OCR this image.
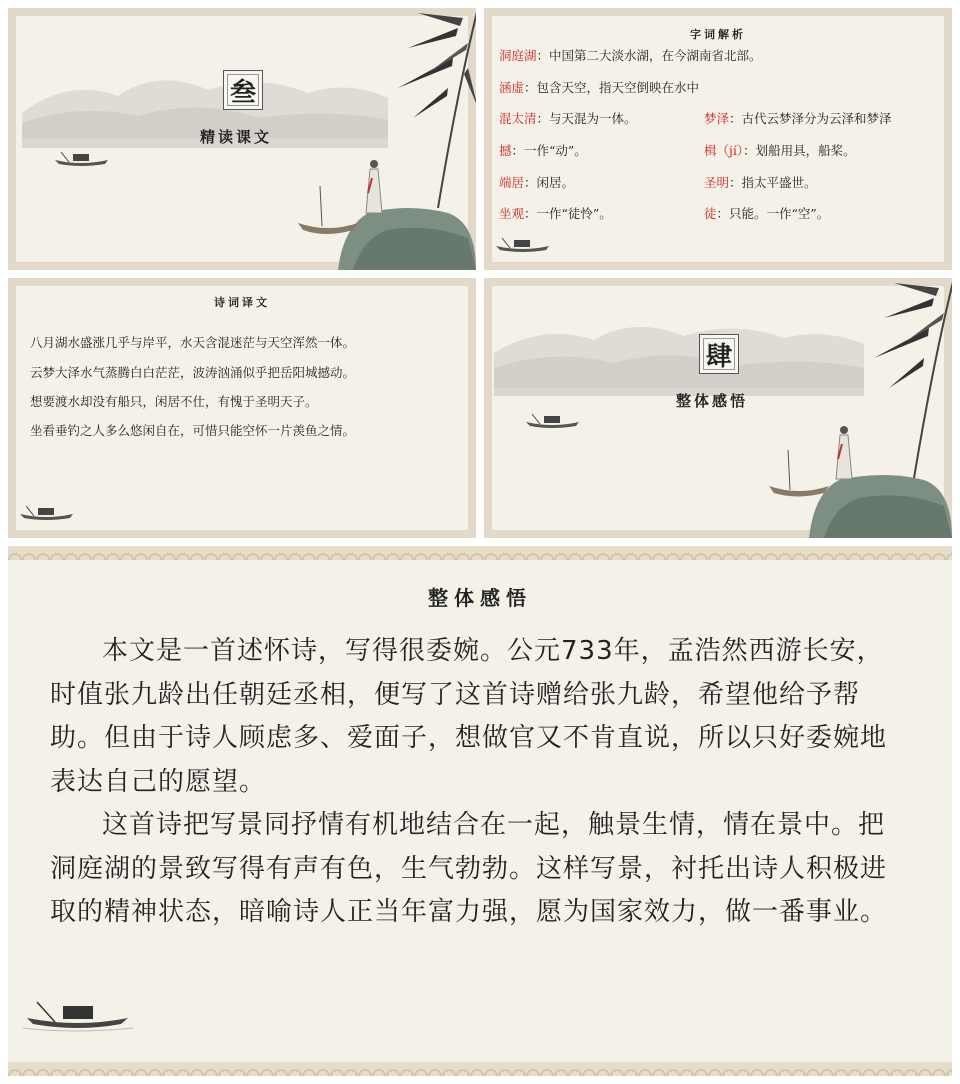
叁
精读课文
字词解析
洞庭湖：中国第二大淡水湖，在今湖南省北部。
涵虚：包含天空，指天空倒映在水中
混太清：与天混为一体。	梦泽：古代云梦泽分为云泽和梦泽
撼：一作“动”。	楫（jí）：划船用具，船桨。
端居：闲居。	圣明：指太平盛世。
坐观：一作“徒怜”。	徒：只能。一作“空”。
诗词译文
八月湖水盛涨几乎与岸平，水天含混迷茫与天空浑然一体。
云梦大泽水气蒸腾白白茫茫，波涛汹涌似乎把岳阳城撼动。
想要渡水却没有船只，闲居不仕，有愧于圣明天子。
坐看垂钓之人多么悠闲自在，可惜只能空怀一片羡鱼之情。
肆
整体感悟
整体感悟

本文是一首述怀诗，写得很委婉。公元733年，孟浩然西游长安，时值张九龄出任朝廷丞相，便写了这首诗赠给张九龄，希望他给予帮助。但由于诗人顾虑多、爱面子，想做官又不肯直说，所以只好委婉地表达自己的愿望。

这首诗把写景同抒情有机地结合在一起，触景生情，情在景中。把洞庭湖的景致写得有声有色，生气勃勃。这样写景，衬托出诗人积极进取的精神状态，暗喻诗人正当年富力强，愿为国家效力，做一番事业。
